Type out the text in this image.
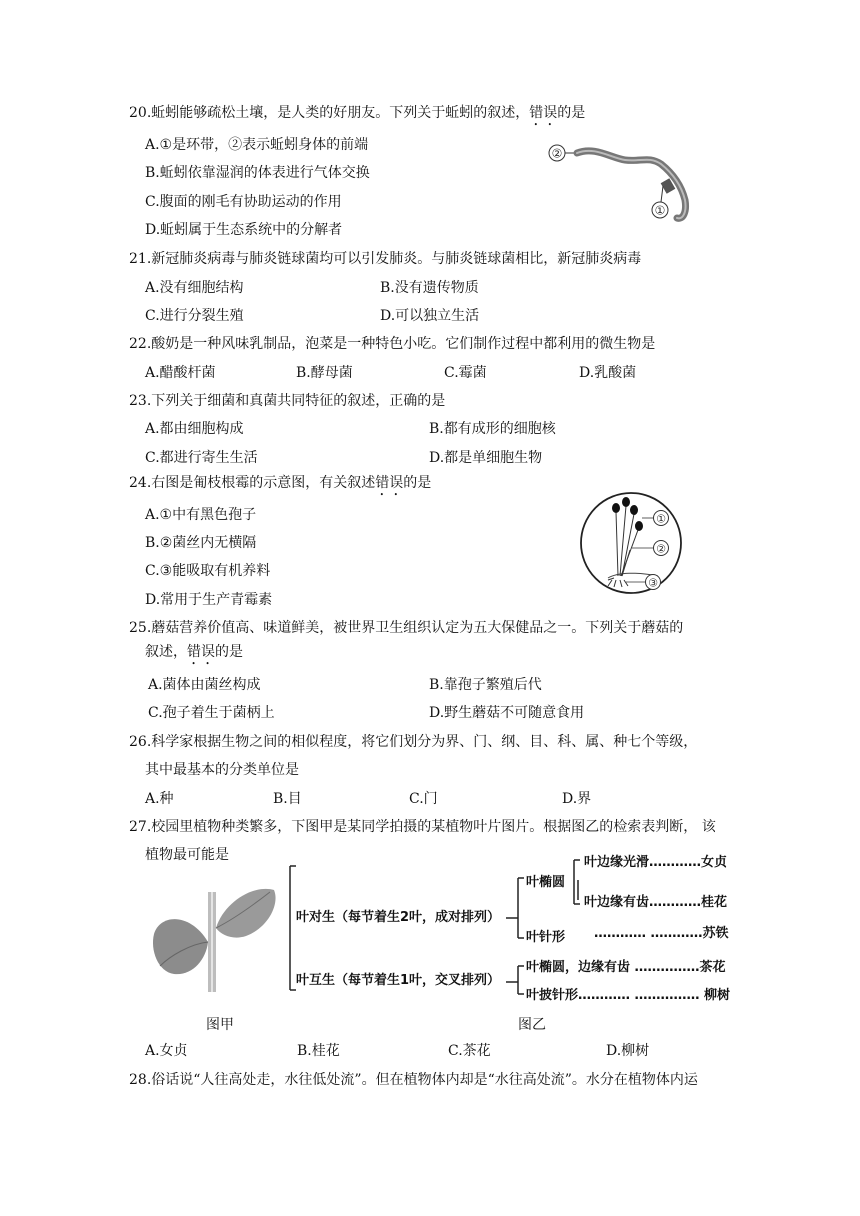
20.蚯蚓能够疏松土壤，是人类的好朋友。下列关于蚯蚓的叙述，错误的是
A.①是环带，②表示蚯蚓身体的前端
B.蚯蚓依靠湿润的体表进行气体交换
C.腹面的刚毛有协助运动的作用
D.蚯蚓属于生态系统中的分解者
②
①
21.新冠肺炎病毒与肺炎链球菌均可以引发肺炎。与肺炎链球菌相比，新冠肺炎病毒
A.没有细胞结构	B.没有遗传物质
C.进行分裂生殖	D.可以独立生活
22.酸奶是一种风味乳制品，泡菜是一种特色小吃。它们制作过程中都利用的微生物是
A.醋酸杆菌	B.酵母菌	C.霉菌	D.乳酸菌
23.下列关于细菌和真菌共同特征的叙述，正确的是
A.都由细胞构成	B.都有成形的细胞核
C.都进行寄生生活	D.都是单细胞生物
24.右图是匍枝根霉的示意图，有关叙述错误的是
A.①中有黑色孢子
B.②菌丝内无横隔
C.③能吸取有机养料
D.常用于生产青霉素
①
②
③
25.蘑菇营养价值高、味道鲜美，被世界卫生组织认定为五大保健品之一。下列关于蘑菇的
叙述，错误的是
A.菌体由菌丝构成	B.靠孢子繁殖后代
C.孢子着生于菌柄上	D.野生蘑菇不可随意食用
26.科学家根据生物之间的相似程度，将它们划分为界、门、纲、目、科、属、种七个等级，
其中最基本的分类单位是
A.种	B.目	C.门	D.界
27.校园里植物种类繁多，下图甲是某同学拍摄的某植物叶片图片。根据图乙的检索表判断， 该
植物最可能是
叶对生（每节着生2叶，成对排列）
叶互生（每节着生1叶，交叉排列）
叶椭圆
叶边缘光滑…………女贞
叶边缘有齿…………桂花
叶针形 ………… …………苏铁
叶椭圆，边缘有齿 ……………茶花
叶披针形………… …………… 柳树
图甲	图乙
A.女贞	B.桂花	C.茶花	D.柳树
28.俗话说“人往高处走，水往低处流”。但在植物体内却是“水往高处流”。水分在植物体内运
